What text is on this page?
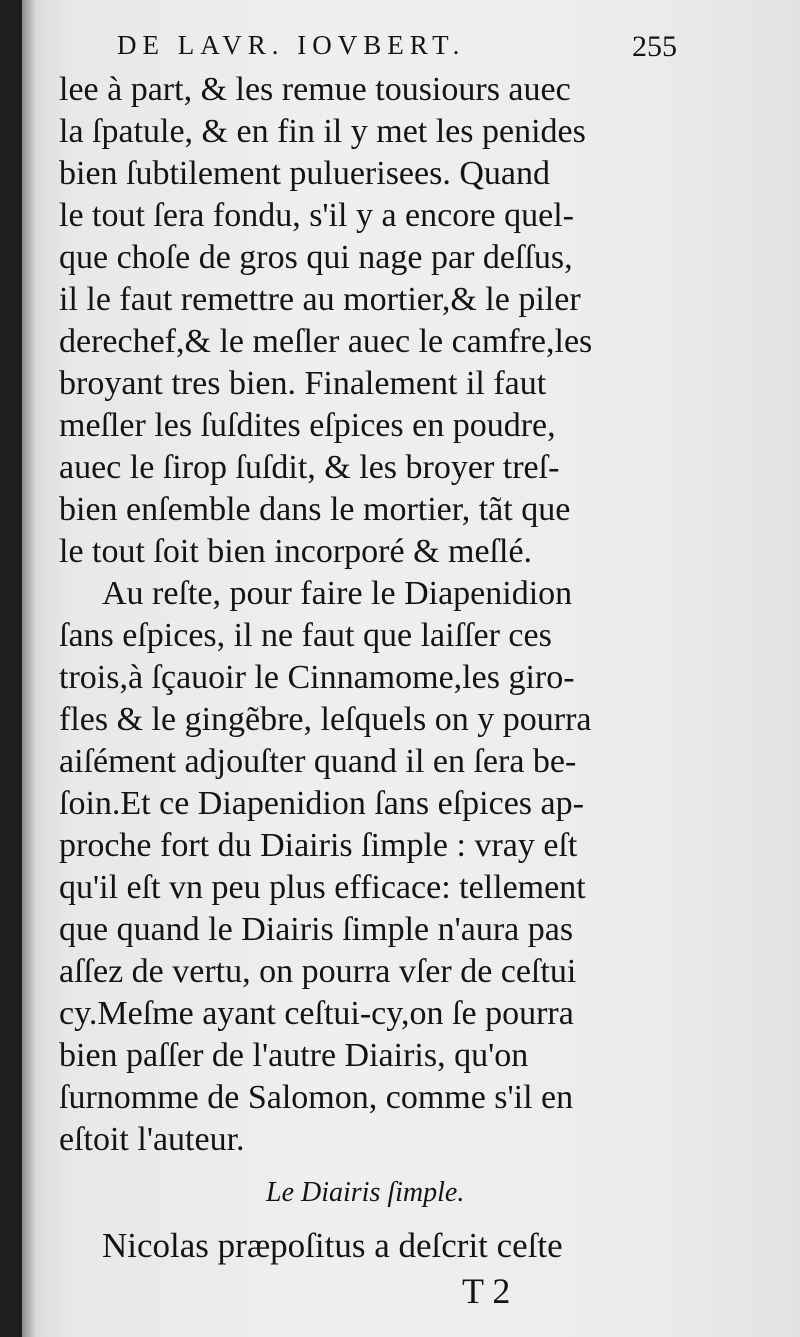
DE LAVR. IOVBERT.	255
lee à part, & les remue tousiours auec
la ſpatule, & en fin il y met les penides
bien ſubtilement puluerisees. Quand
le tout ſera fondu, s'il y a encore quel-
que choſe de gros qui nage par deſſus,
il le faut remettre au mortier,& le piler
derechef,& le meſler auec le camfre,les
broyant tres bien. Finalement il faut
meſler les ſuſdites eſpices en poudre,
auec le ſirop ſuſdit, & les broyer treſ-
bien enſemble dans le mortier, tãt que
le tout ſoit bien incorporé & meſlé.
Au reſte, pour faire le Diapenidion
ſans eſpices, il ne faut que laiſſer ces
trois,à ſçauoir le Cinnamome,les giro-
fles & le gingẽbre, leſquels on y pourra
aiſément adjouſter quand il en ſera be-
ſoin.Et ce Diapenidion ſans eſpices ap-
proche fort du Diairis ſimple : vray eſt
qu'il eſt vn peu plus efficace: tellement
que quand le Diairis ſimple n'aura pas
aſſez de vertu, on pourra vſer de ceſtui
cy.Meſme ayant ceſtui-cy,on ſe pourra
bien paſſer de l'autre Diairis, qu'on
ſurnomme de Salomon, comme s'il en
eſtoit l'auteur.
Le Diairis ſimple.
Nicolas præpoſitus a deſcrit ceſte
T 2
